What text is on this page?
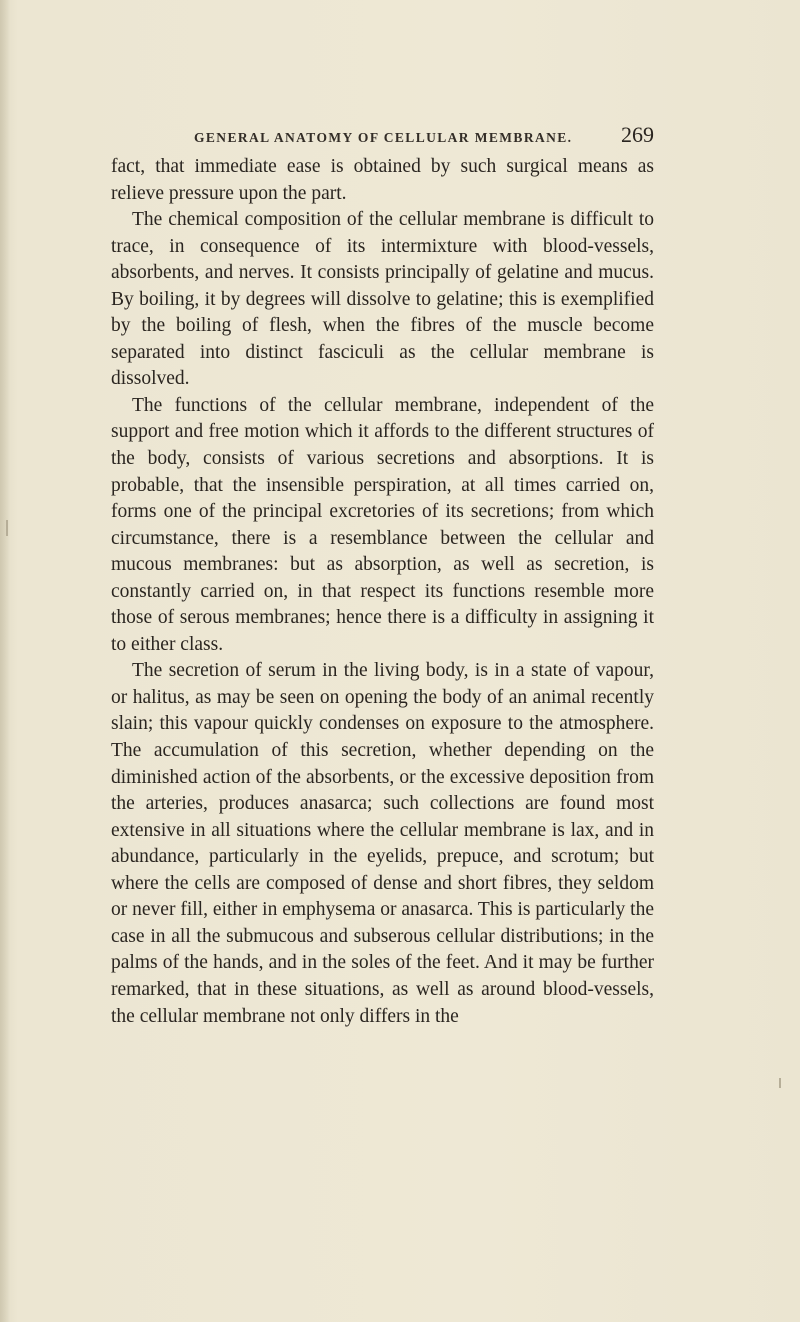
GENERAL ANATOMY OF CELLULAR MEMBRANE. 269

fact, that immediate ease is obtained by such surgical means as relieve pressure upon the part.

The chemical composition of the cellular membrane is difficult to trace, in consequence of its intermixture with blood-vessels, absorbents, and nerves. It consists principally of gelatine and mucus. By boiling, it by degrees will dissolve to gelatine; this is exemplified by the boiling of flesh, when the fibres of the muscle become separated into distinct fasciculi as the cellular membrane is dissolved.

The functions of the cellular membrane, independent of the support and free motion which it affords to the different structures of the body, consists of various secretions and absorptions. It is probable, that the insensible perspiration, at all times carried on, forms one of the principal excretories of its secretions; from which circumstance, there is a resemblance between the cellular and mucous membranes: but as absorption, as well as secretion, is constantly carried on, in that respect its functions resemble more those of serous membranes; hence there is a difficulty in assigning it to either class.

The secretion of serum in the living body, is in a state of vapour, or halitus, as may be seen on opening the body of an animal recently slain; this vapour quickly condenses on exposure to the atmosphere. The accumulation of this secretion, whether depending on the diminished action of the absorbents, or the excessive deposition from the arteries, produces anasarca; such collections are found most extensive in all situations where the cellular membrane is lax, and in abundance, particularly in the eyelids, prepuce, and scrotum; but where the cells are composed of dense and short fibres, they seldom or never fill, either in emphysema or anasarca. This is particularly the case in all the submucous and subserous cellular distributions; in the palms of the hands, and in the soles of the feet. And it may be further remarked, that in these situations, as well as around blood-vessels, the cellular membrane not only differs in the
